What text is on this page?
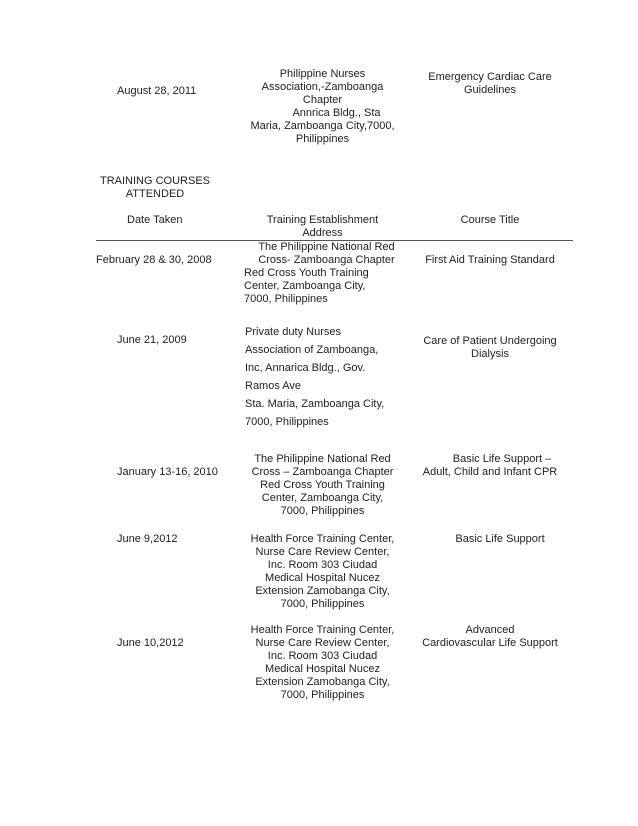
August 28, 2011
Philippine Nurses
Association,-Zamboanga
Chapter
Annrica Bldg., Sta
Maria, Zamboanga City,7000,
Philippines
Emergency Cardiac Care
Guidelines
TRAINING COURSES
ATTENDED
Date Taken	Training Establishment
Address
Course Title
February 28 & 30, 2008
The Philippine National Red
Cross- Zamboanga Chapter
Red Cross Youth Training
Center, Zamboanga City,
7000, Philippines
First Aid Training Standard
June 21, 2009
Private duty Nurses
Association of Zamboanga,
Inc, Annarica Bldg., Gov.
Ramos Ave
Sta. Maria, Zamboanga City,
7000, Philippines
Care of Patient Undergoing
Dialysis
January 13-16, 2010
The Philippine National Red
Cross – Zamboanga Chapter
Red Cross Youth Training
Center, Zamboanga City,
7000, Philippines
Basic Life Support –
Adult, Child and Infant CPR
June 9,2012	Health Force Training Center,
Nurse Care Review Center,
Inc. Room 303 Ciudad
Medical Hospital Nucez
Extension Zamobanga City,
7000, Philippines
Basic Life Support
June 10,2012
Health Force Training Center,
Nurse Care Review Center,
Inc. Room 303 Ciudad
Medical Hospital Nucez
Extension Zamobanga City,
7000, Philippines
Advanced
Cardiovascular Life Support
